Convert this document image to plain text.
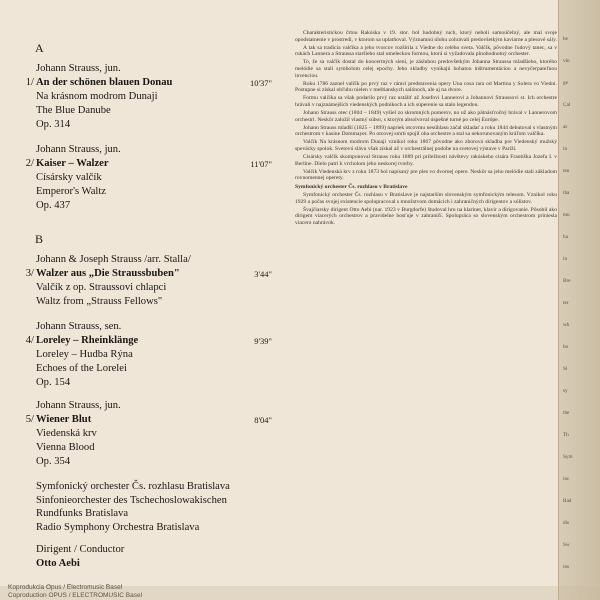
A
Johann Strauss, jun.
1/ An der schönen blauen Donau	10'37"
Na krásnom modrom Dunaji
The Blue Danube
Op. 314
Johann Strauss, jun.
2/ Kaiser – Walzer	11'07"
Císársky valčík
Emperor's Waltz
Op. 437
B
Johann & Joseph Strauss /arr. Stalla/
3/ Walzer aus „Die Straussbuben"	3'44"
Valčík z op. Straussovi chlapci
Waltz from „Strauss Fellows"
Johann Strauss, sen.
4/ Loreley – Rheinklänge	9'39"
Loreley – Hudba Rýna
Echoes of the Lorelei
Op. 154
Johann Strauss, jun.
5/ Wiener Blut	8'04"
Viedenská krv
Vienna Blood
Op. 354
Symfonický orchester Čs. rozhlasu Bratislava
Sinfonieorchester des Tschechoslowakischen
Rundfunks Bratislava
Radio Symphony Orchestra Bratislava
Dirigent / Conductor
Otto Aebi
Koprodukcia Opus / Electromusic Basel
Coproduction OPUS / ELECTROMUSIC Basel

Charakteristickou črtou Rakúska v 19. stor. bol hudobný ruch, ktorý neboli samoúčelný, ale mal svoje opodstatnenie v prostredí, v ktorom sa uplatňoval. Významnú úlohu zohrávali predovšetkým kaviarne a plesové sály.

A tak sa tradícia valčíka a jeho tvorcov rozšírila z Viedne do celého sveta. Valčík, pôvodne ľudový tanec, sa v rukách Lannera a Straussa staršieho stal umeleckou formou, ktorá si vyžadovala plnohodnotný orchester.

To, že sa valčík dostal do koncertných siení, je zásluhou predovšetkým Johanna Straussa mladšieho, ktorého melódie sa stali symbolom celej epochy. Jeho skladby vynikajú bohatou inštrumentáciou a nevyčerpateľnou invenciou.

Roku 1786 zaznel valčík po prvý raz v rámci predstavenia opery Una cosa rara od Martina y Solera vo Viedni. Postupne si získal obľubu nielen v meštianskych salónoch, ale aj na dvore.

Formu valčíka sa však podarilo prvý raz ustáliť až Josefovi Lannerovi a Johannovi Straussovi st. Ich orchestre hrávali v najznámejších viedenských podnikoch a ich súperenie sa stalo legendou.

Johann Strauss otec (1804 – 1849) vyšiel zo skromných pomerov, no už ako pätnásťročný hrával v Lannerovom orchestri. Neskôr založil vlastný súbor, s ktorým absolvoval úspešné turné po celej Európe.

Johann Strauss mladší (1825 – 1899) napriek otcovmu nesúhlasu začal skladať a roku 1844 debutoval s vlastným orchestrom v kasíne Dommayer. Po otcovej smrti spojil oba orchestre a stal sa nekorunovaným kráľom valčíka.

Valčík Na krásnom modrom Dunaji vznikol roku 1867 pôvodne ako zborová skladba pre Viedenský mužský spevácky spolok. Svetovú slávu však získal až v orchestrálnej podobe na svetovej výstave v Paríži.

Císársky valčík skomponoval Strauss roku 1889 pri príležitosti návštevy rakúskeho cisára Františka Jozefa I. v Berlíne. Dielo patrí k vrcholom jeho neskorej tvorby.

Valčík Viedenská krv z roku 1873 bol napísaný pre ples vo dvornej opere. Neskôr sa jeho melódie stali základom rovnomennej operety.

Symfonický orchester Čs. rozhlasu v Bratislave

Symfonický orchester Čs. rozhlasu v Bratislave je najstarším slovenským symfonickým telesom. Vznikol roku 1929 a počas svojej existencie spolupracoval s množstvom domácich i zahraničných dirigentov a sólistov.

Švajčiarsky dirigent Otto Aebi (nar. 1923 v Burgdorfe) študoval hru na klarinet, klavír a dirigovanie. Pôsobil ako dirigent viacerých orchestrov a pravidelne hosťuje v zahraničí. Spolupráca so slovenským orchestrom priniesla viacero nahrávok.

he
vin
ge
Cal
as
in
ten
tha
mu
ha
in
Bre
ter
wh
bo
Sl
sy
the
Th
Sym
inc
Rad
dis
Sw
ins
